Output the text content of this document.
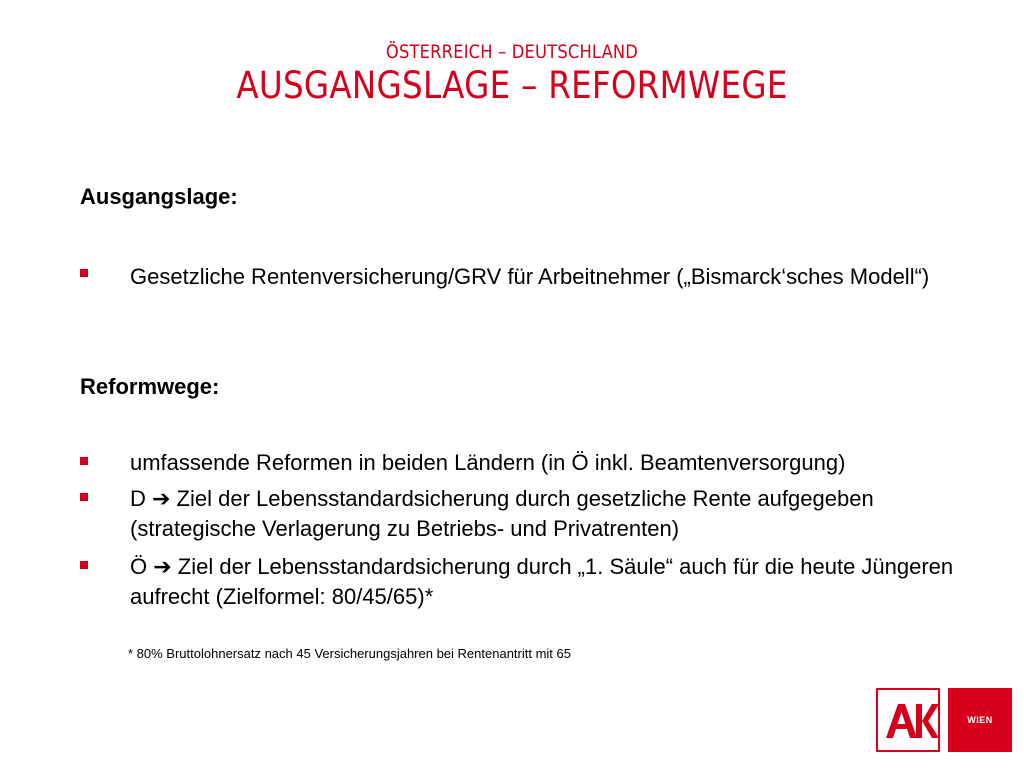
ÖSTERREICH – DEUTSCHLAND
AUSGANGSLAGE – REFORMWEGE
Ausgangslage:
Gesetzliche Rentenversicherung/GRV für Arbeitnehmer („Bismarck‘sches Modell“)
Reformwege:
umfassende Reformen in beiden Ländern (in Ö inkl. Beamtenversorgung)
D ➔ Ziel der Lebensstandardsicherung durch gesetzliche Rente aufgegeben (strategische Verlagerung zu Betriebs- und Privatrenten)
Ö ➔ Ziel der Lebensstandardsicherung durch „1. Säule“ auch für die heute Jüngeren aufrecht (Zielformel: 80/45/65)*
* 80% Bruttolohnersatz nach 45 Versicherungsjahren bei Rentenantritt mit 65
WIEN
